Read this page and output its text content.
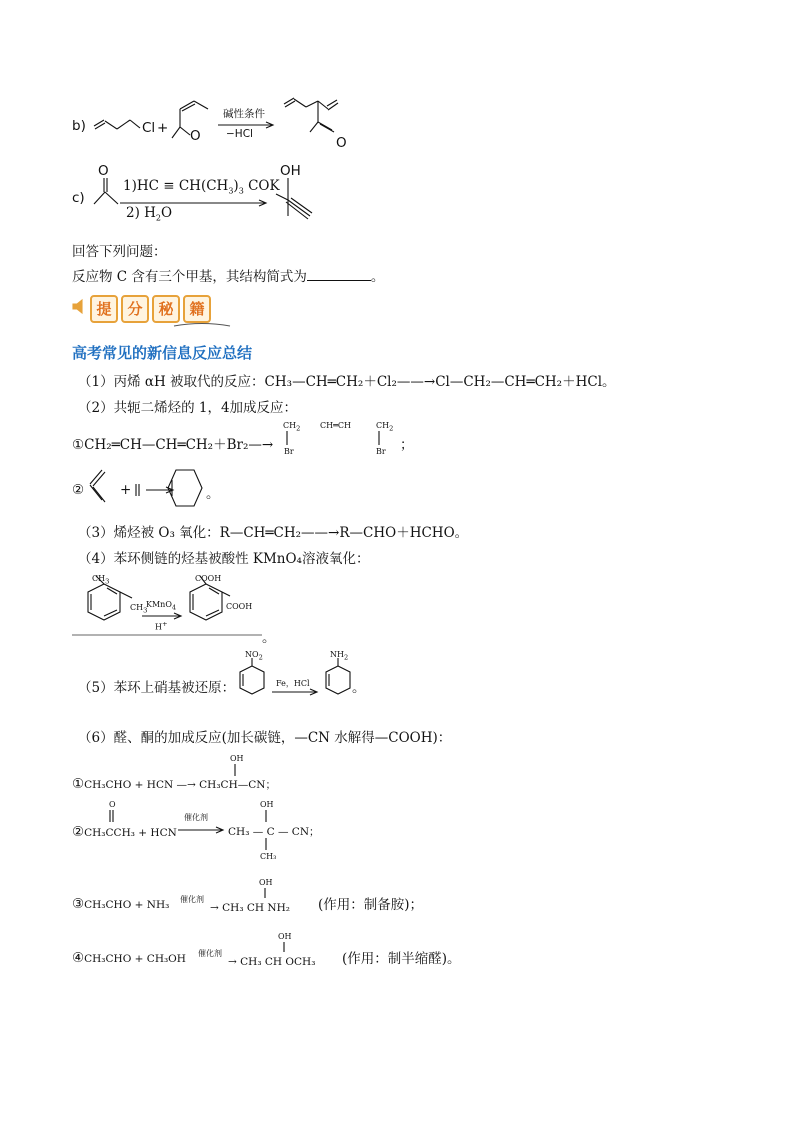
b)	Cl + O
碱性条件
−HCl
O
c)
O
$1)HC \equiv CH(CH_3)_3$ COK
2) $H_2O$
OH
回答下列问题：
反应物 C 含有三个甲基，其结构简式为	。
提 分 秘 籍
高考常见的新信息反应总结
（1）丙烯 αH 被取代的反应：CH₃—CH═CH₂＋Cl₂——→Cl—CH₂—CH═CH₂＋HCl。
（2）共轭二烯烃的 1，4加成反应：
①CH₂═CH—CH═CH₂＋Br₂—→
$CH_2$ CH═CH	$CH_2$
Br	Br ；
②	+	。
（3）烯烃被 O₃ 氧化：R—CH═CH₂——→R—CHO＋HCHO。
（4）苯环侧链的烃基被酸性 KMnO₄溶液氧化：
$CH_3$
$CH_3$
KMnO$_4$
H+
COOH
COOH
。
$NO_2$
（5）苯环上硝基被还原：	Fe，HCl
$NH_2$
。
（6）醛、酮的加成反应(加长碳链，—CN 水解得—COOH)：
OH
①CH₃CHO + HCN —→ CH₃CH—CN；
O	OH
②CH₃CCH₃ + HCN
催化剂
CH₃ — C — CN；
CH₃
OH
③CH₃CHO + NH₃ 催化剂
→ CH₃ CH NH₂ (作用：制备胺)；
OH
④CH₃CHO + CH₃OH 催化剂
→ CH₃ CH OCH₃ (作用：制半缩醛)。
